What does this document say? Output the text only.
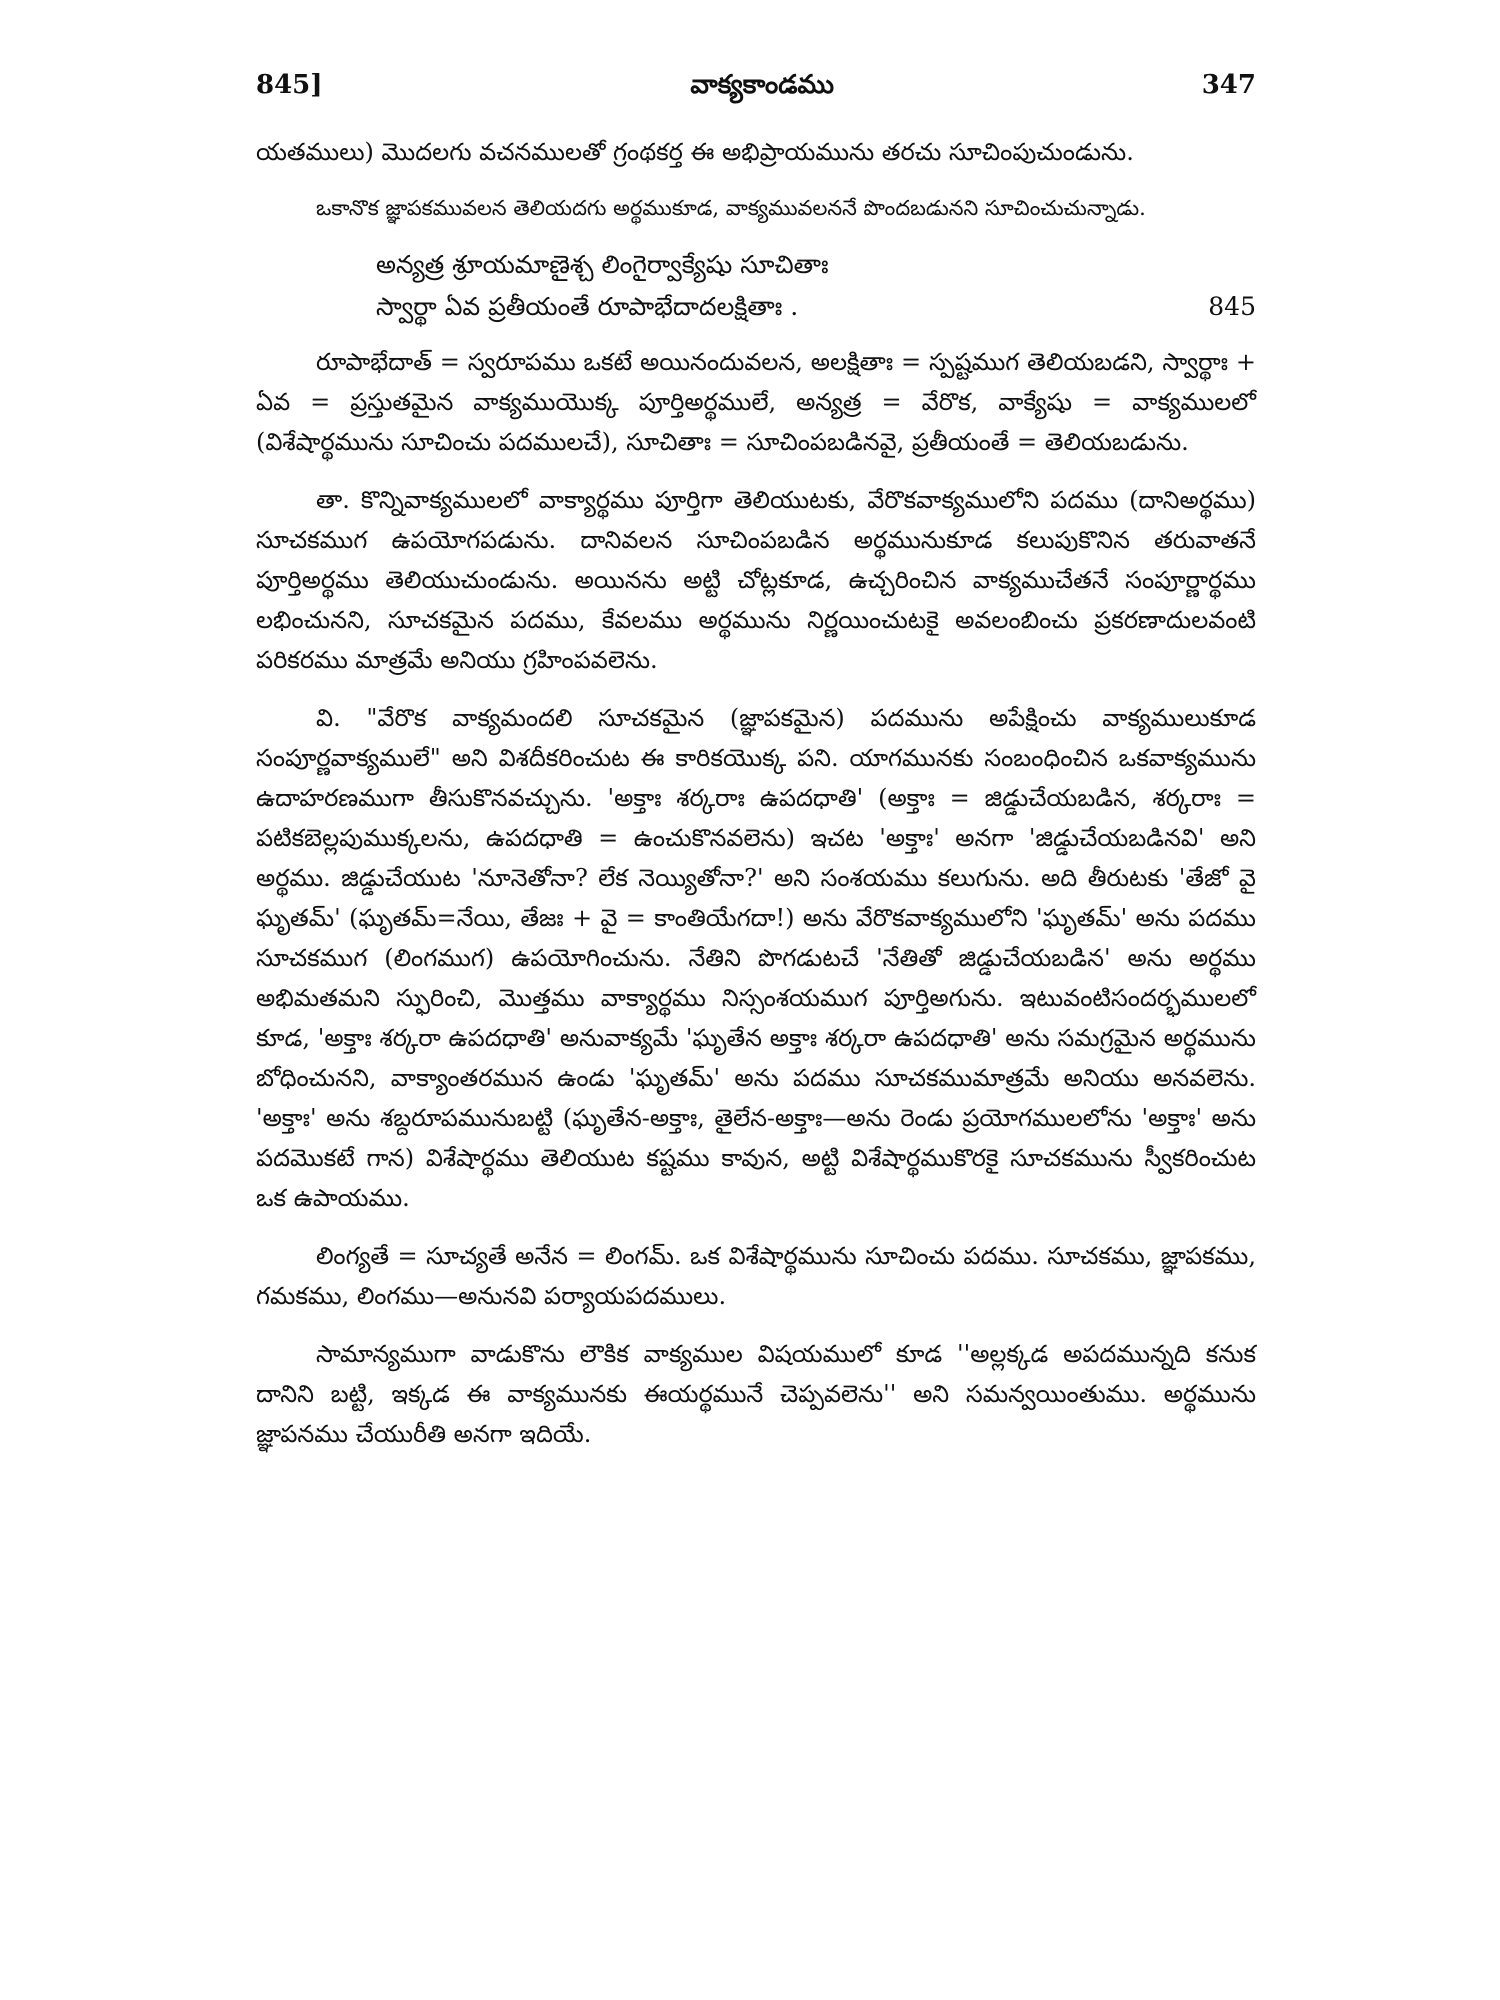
845]	వాక్యకాండము	347

యతములు) మొదలగు వచనములతో గ్రంథకర్త ఈ అభిప్రాయమును తరచు సూచింపుచుండును.

ఒకానొక జ్ఞాపకమువలన తెలియదగు అర్థముకూడ, వాక్యమువలననే పొందబడునని సూచించుచున్నాడు.

అన్యత్ర శ్రూయమాణైశ్చ లింగైర్వాక్యేషు సూచితాః
స్వార్థా ఏవ ప్రతీయంతే రూపాభేదాదలక్షితాః .	845

రూపాభేదాత్ = స్వరూపము ఒకటే అయినందువలన, అలక్షితాః = స్పష్టముగ తెలియబడని, స్వార్థాః + ఏవ = ప్రస్తుతమైన వాక్యముయొక్క పూర్తిఅర్థములే, అన్యత్ర = వేరొక, వాక్యేషు = వాక్యములలో (విశేషార్థమును సూచించు పదములచే), సూచితాః = సూచింపబడినవై, ప్రతీయంతే = తెలియబడును.

తా. కొన్నివాక్యములలో వాక్యార్థము పూర్తిగా తెలియుటకు, వేరొకవాక్యములోని పదము (దానిఅర్థము) సూచకముగ ఉపయోగపడును. దానివలన సూచింపబడిన అర్థమునుకూడ కలుపుకొనిన తరువాతనే పూర్తిఅర్థము తెలియుచుండును. అయినను అట్టి చోట్లకూడ, ఉచ్చరించిన వాక్యముచేతనే సంపూర్ణార్థము లభించునని, సూచకమైన పదము, కేవలము అర్థమును నిర్ణయించుటకై అవలంబించు ప్రకరణాదులవంటి పరికరము మాత్రమే అనియు గ్రహింపవలెను.

వి. "వేరొక వాక్యమందలి సూచకమైన (జ్ఞాపకమైన) పదమును అపేక్షించు వాక్యములుకూడ సంపూర్ణవాక్యములే" అని విశదీకరించుట ఈ కారికయొక్క పని. యాగమునకు సంబంధించిన ఒకవాక్యమును ఉదాహరణముగా తీసుకొనవచ్చును. 'అక్తాః శర్కరాః ఉపదధాతి' (అక్తాః = జిడ్డుచేయబడిన, శర్కరాః = పటికబెల్లపుముక్కలను, ఉపదధాతి = ఉంచుకొనవలెను) ఇచట 'అక్తాః' అనగా 'జిడ్డుచేయబడినవి' అని అర్థము. జిడ్డుచేయుట 'నూనెతోనా? లేక నెయ్యితోనా?' అని సంశయము కలుగును. అది తీరుటకు 'తేజో వై ఘృతమ్' (ఘృతమ్=నేయి, తేజః + వై = కాంతియేగదా!) అను వేరొకవాక్యములోని 'ఘృతమ్' అను పదము సూచకముగ (లింగముగ) ఉపయోగించును. నేతిని పొగడుటచే 'నేతితో జిడ్డుచేయబడిన' అను అర్థము అభిమతమని స్ఫురించి, మొత్తము వాక్యార్థము నిస్సంశయముగ పూర్తిఅగును. ఇటువంటిసందర్భములలో కూడ, 'అక్తాః శర్కరా ఉపదధాతి' అనువాక్యమే 'ఘృతేన అక్తాః శర్కరా ఉపదధాతి' అను సమగ్రమైన అర్థమును బోధించునని, వాక్యాంతరమున ఉండు 'ఘృతమ్' అను పదము సూచకముమాత్రమే అనియు అనవలెను. 'అక్తాః' అను శబ్దరూపమునుబట్టి (ఘృతేన-అక్తాః, తైలేన-అక్తాః—అను రెండు ప్రయోగములలోను 'అక్తాః' అను పదమొకటే గాన) విశేషార్థము తెలియుట కష్టము కావున, అట్టి విశేషార్థముకొరకై సూచకమును స్వీకరించుట ఒక ఉపాయము.

లింగ్యతే = సూచ్యతే అనేన = లింగమ్. ఒక విశేషార్థమును సూచించు పదము. సూచకము, జ్ఞాపకము, గమకము, లింగము—అనునవి పర్యాయపదములు.

సామాన్యముగా వాడుకొను లౌకిక వాక్యముల విషయములో కూడ ''అల్లక్కడ అపదమున్నది కనుక దానిని బట్టి, ఇక్కడ ఈ వాక్యమునకు ఈయర్థమునే చెప్పవలెను'' అని సమన్వయింతుము. అర్థమును జ్ఞాపనము చేయురీతి అనగా ఇదియే.
